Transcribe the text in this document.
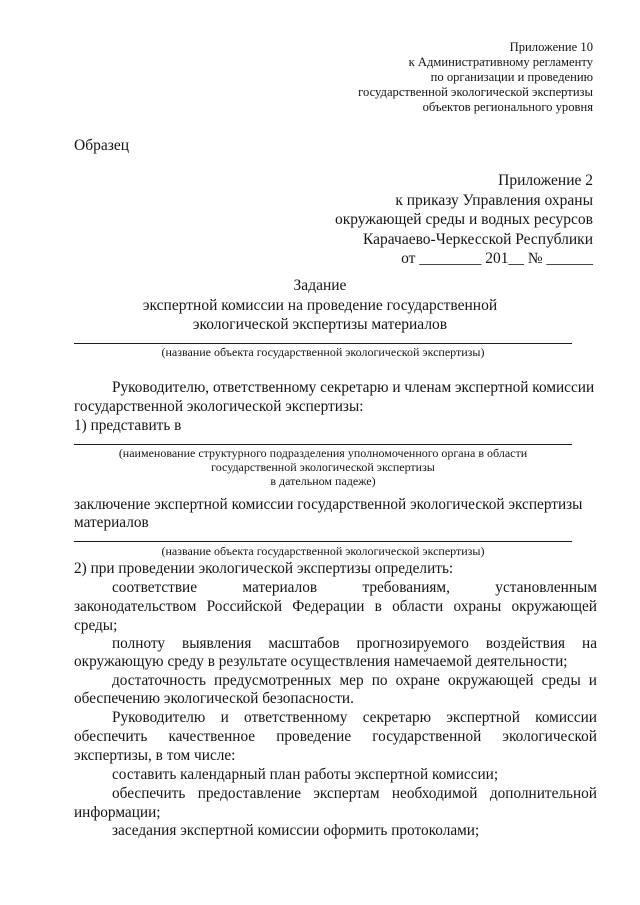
Приложение 10
к Административному регламенту
по организации и проведению
государственной экологической экспертизы
объектов регионального уровня
Образец
Приложение 2
к приказу Управления охраны
окружающей среды и водных ресурсов
Карачаево-Черкесской Республики
от ________ 201__ № ______
Задание
экспертной комиссии на проведение государственной
экологической экспертизы материалов
(название объекта государственной экологической экспертизы)
Руководителю, ответственному секретарю и членам экспертной комиссии
государственной экологической экспертизы:
1) представить в
(наименование структурного подразделения уполномоченного органа в области
государственной экологической экспертизы
в дательном падеже)
заключение экспертной комиссии государственной экологической экспертизы
материалов
(название объекта государственной экологической экспертизы)
2) при проведении экологической экспертизы определить:
соответствие материалов требованиям, установленным
законодательством Российской Федерации в области охраны окружающей
среды;
полноту выявления масштабов прогнозируемого воздействия на
окружающую среду в результате осуществления намечаемой деятельности;
достаточность предусмотренных мер по охране окружающей среды и
обеспечению экологической безопасности.
Руководителю и ответственному секретарю экспертной комиссии
обеспечить качественное проведение государственной экологической
экспертизы, в том числе:
составить календарный план работы экспертной комиссии;
обеспечить предоставление экспертам необходимой дополнительной
информации;
заседания экспертной комиссии оформить протоколами;
